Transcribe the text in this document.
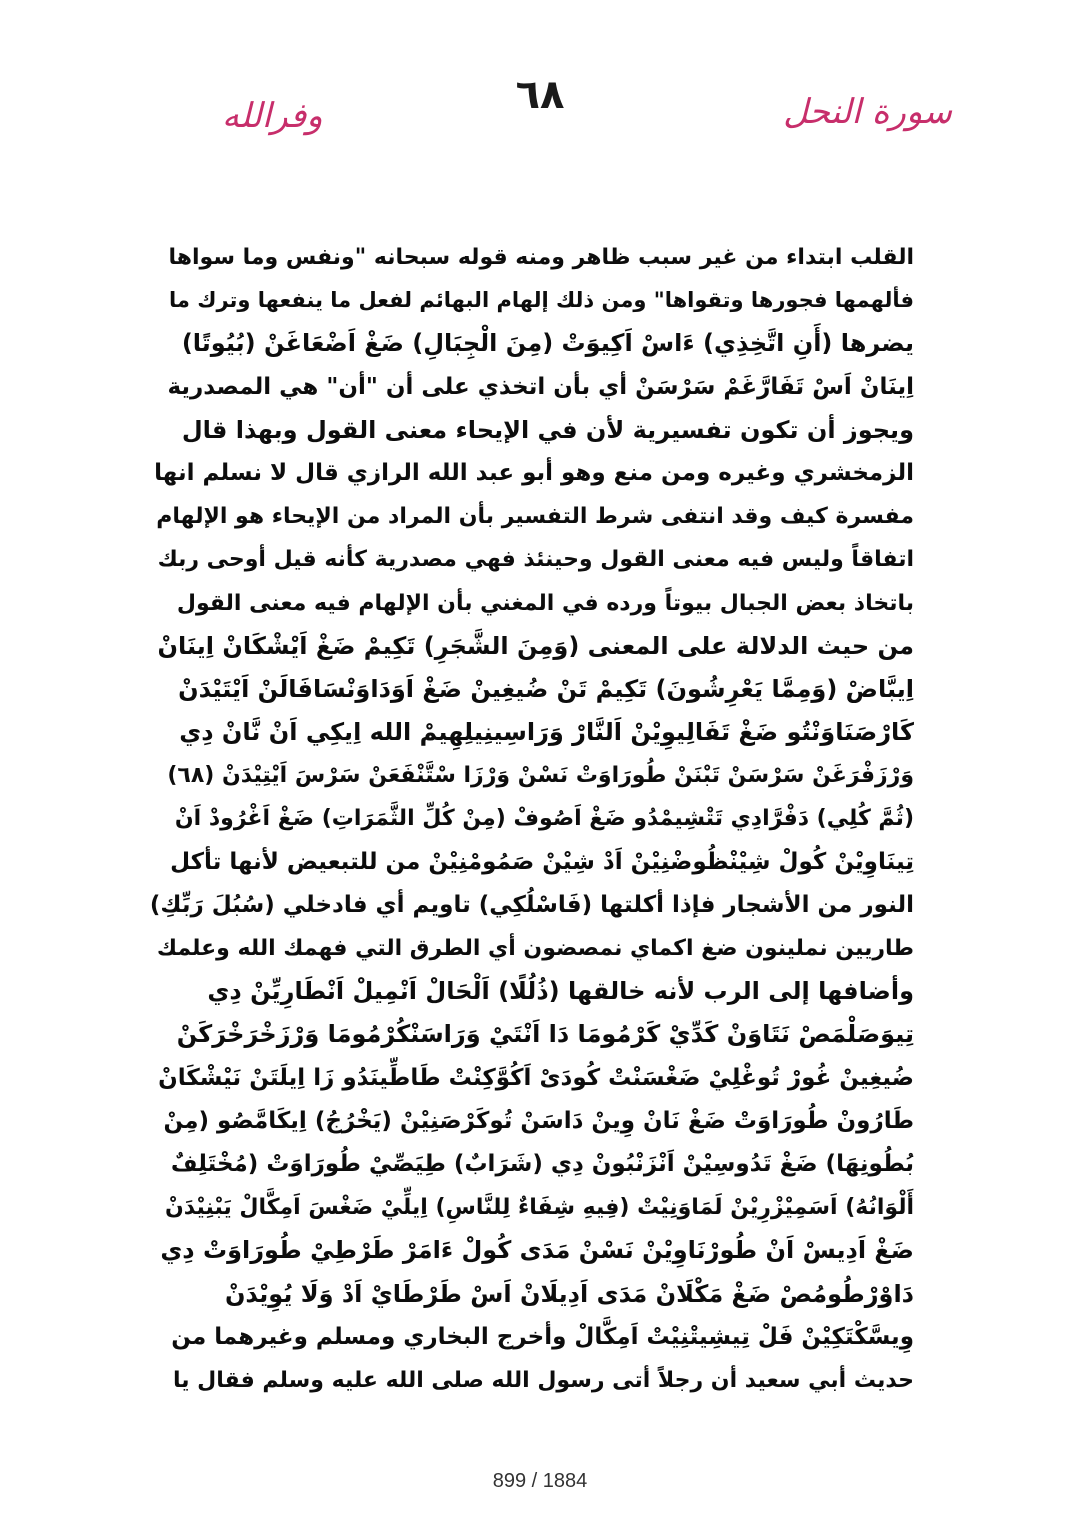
٦٨	سورة النحل
وفرالله
القلب ابتداء من غير سبب ظاهر ومنه قوله سبحانه "ونفس وما سواها
فألهمها فجورها وتقواها" ومن ذلك إلهام البهائم لفعل ما ينفعها وترك ما
يضرها (أَنِ اتَّخِذِي) ءَاسْ اَكِيوَتْ (مِنَ الْجِبَالِ) ضَغْ اَضْعَاغَنْ (بُيُوتًا)
اِينَانْ اَسْ تَفَارَّغَمْ سَرْسَنْ أي بأن اتخذي على أن "أن" هي المصدرية
ويجوز أن تكون تفسيرية لأن في الإيحاء معنى القول وبهذا قال
الزمخشري وغيره ومن منع وهو أبو عبد الله الرازي قال لا نسلم انها
مفسرة كيف وقد انتفى شرط التفسير بأن المراد من الإيحاء هو الإلهام
اتفاقاً وليس فيه معنى القول وحينئذ فهي مصدرية كأنه قيل أوحى ربك
باتخاذ بعض الجبال بيوتاً ورده في المغني بأن الإلهام فيه معنى القول
من حيث الدلالة على المعنى (وَمِنَ الشَّجَرِ) تَكِيمْ ضَغْ اَيْشْكَانْ اِينَانْ
اِيبَّاضْ (وَمِمَّا يَعْرِشُونَ) تَكِيمْ تَنْ ضُيغِينْ ضَغْ اَوَدَاوَنْسَافَالَنْ اَيْتَيْدَنْ
كَارْصَنَاوَنْتُو ضَغْ تَفَالِيوِيْنْ اَلنَّارْ وَرَاسِينِيلِهِيمْ الله اِيكِي اَنْ نَّانْ دِي
وَرْزَفْرَغَنْ سَرْسَنْ تَبْنَنْ طُورَاوَتْ نَسْنْ وَرْزَا سْتَّنْفَعَنْ سَرْسَ اَيْتِيْدَنْ (٦٨)
(ثُمَّ كُلِي) دَفْرَّادِي تَتْشِيمْدُو ضَغْ اَصُوفْ (مِنْ كُلِّ الثَّمَرَاتِ) ضَغْ اَغْرُودْ اَنْ
تِينَاوِيْنْ كُولْ شِيْنْظُوضْنِيْنْ اَدْ شِيْنْ صَمُومْنِيْنْ من للتبعيض لأنها تأكل
النور من الأشجار فإذا أكلتها (فَاسْلُكِي) تاويم أي فادخلي (سُبُلَ رَبِّكِ)
طاريين نملينون ضغ اكماي نمصضون أي الطرق التي فهمك الله وعلمك
وأضافها إلى الرب لأنه خالقها (ذُلُلًا) اَلْحَالْ اَنْمِيلْ اَنْطَارِيِّنْ دِي
تِيوَصَلْمَصْ نَتَاوَنْ كَدِّيْ كَرْمُومَا دَا اَنْتَيْ وَرَاسَنْكُرْمُومَا وَرْزَخْرَخْرَكَنْ
ضُيغِينْ غُورْ تُوغْلِيْ ضَغْسَنْتْ كُودَىْ اَكُوَّكِنْتْ طَاطِّينَدُو زَا اِيلَتَنْ نَيْشْكَانْ
طَارُونْ طُورَاوَتْ ضَغْ نَانْ وِينْ دَاسَنْ تُوكَرْصَنِيْنْ (يَخْرُجُ) اِيكَامَّصُو (مِنْ
بُطُونِهَا) ضَغْ تَدُوسِيْنْ اَنْزَنْبُونْ دِي (شَرَابٌ) طِيَصِّيْ طُورَاوَتْ (مُخْتَلِفٌ
أَلْوَانُهُ) اَسَمِيْزْرِيْنْ لَمَاوَنِيْتْ (فِيهِ شِفَاءٌ لِلنَّاسِ) اِيلِّيْ ضَغْسَ اَمِكَّالْ يَبْنِيْدَنْ
ضَغْ اَدِيسْ اَنْ طُورْنَاوِيْنْ نَسْنْ مَدَى كُولْ ءَامَرْ طَرْطِيْ طُورَاوَتْ دِي
دَاوْرْطُومُصْ ضَغْ مَكْلَانْ مَدَى اَدِيلَانْ اَسْ طَرْطَايْ اَدْ وَلَا يُوِيْدَنْ
وِيسَّكْتَكِيْنْ فَلْ تِيشِيتْنِيْتْ اَمِكَّالْ وأخرج البخاري ومسلم وغيرهما من
حديث أبي سعيد أن رجلاً أتى رسول الله صلى الله عليه وسلم فقال يا
899 / 1884
